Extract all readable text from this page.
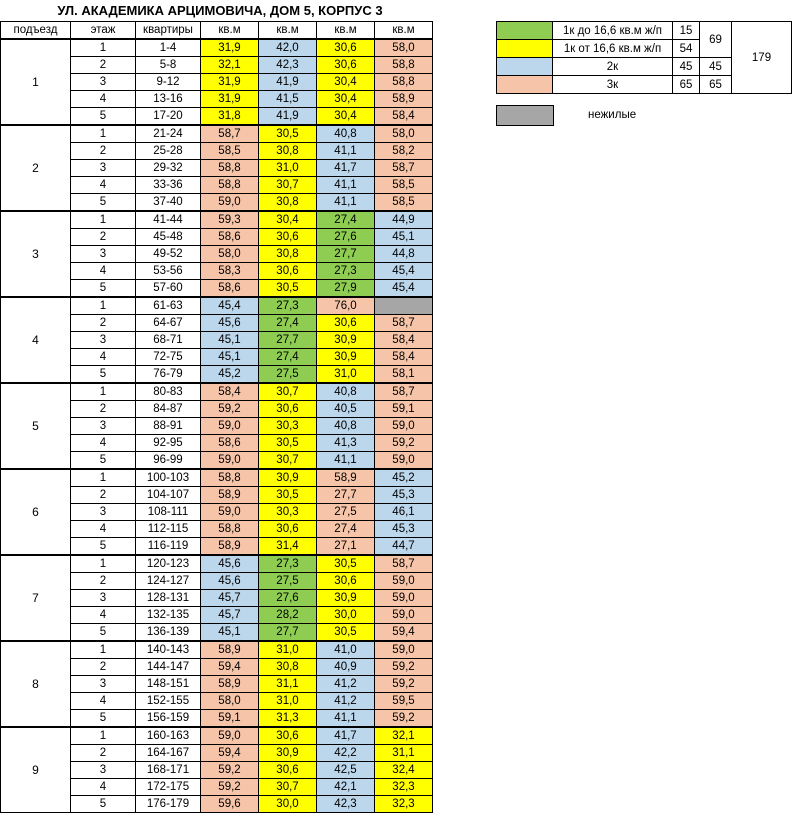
УЛ. АКАДЕМИКА АРЦИМОВИЧА, ДОМ 5, КОРПУС 3
подъезд	этаж	квартиры	кв.м	кв.м	кв.м	кв.м
1	1	1-4	31,9	42,0	30,6	58,0
	2	5-8	32,1	42,3	30,6	58,8
	3	9-12	31,9	41,9	30,4	58,8
	4	13-16	31,9	41,5	30,4	58,9
	5	17-20	31,8	41,9	30,4	58,4
2	1	21-24	58,7	30,5	40,8	58,0
	2	25-28	58,5	30,8	41,1	58,2
	3	29-32	58,8	31,0	41,7	58,7
	4	33-36	58,8	30,7	41,1	58,5
	5	37-40	59,0	30,8	41,1	58,5
3	1	41-44	59,3	30,4	27,4	44,9
	2	45-48	58,6	30,6	27,6	45,1
	3	49-52	58,0	30,8	27,7	44,8
	4	53-56	58,3	30,6	27,3	45,4
	5	57-60	58,6	30,5	27,9	45,4
4	1	61-63	45,4	27,3	76,0	
	2	64-67	45,6	27,4	30,6	58,7
	3	68-71	45,1	27,7	30,9	58,4
	4	72-75	45,1	27,4	30,9	58,4
	5	76-79	45,2	27,5	31,0	58,1
5	1	80-83	58,4	30,7	40,8	58,7
	2	84-87	59,2	30,6	40,5	59,1
	3	88-91	59,0	30,3	40,8	59,0
	4	92-95	58,6	30,5	41,3	59,2
	5	96-99	59,0	30,7	41,1	59,0
6	1	100-103	58,8	30,9	58,9	45,2
	2	104-107	58,9	30,5	27,7	45,3
	3	108-111	59,0	30,3	27,5	46,1
	4	112-115	58,8	30,6	27,4	45,3
	5	116-119	58,9	31,4	27,1	44,7
7	1	120-123	45,6	27,3	30,5	58,7
	2	124-127	45,6	27,5	30,6	59,0
	3	128-131	45,7	27,6	30,9	59,0
	4	132-135	45,7	28,2	30,0	59,0
	5	136-139	45,1	27,7	30,5	59,4
8	1	140-143	58,9	31,0	41,0	59,0
	2	144-147	59,4	30,8	40,9	59,2
	3	148-151	58,9	31,1	41,2	59,2
	4	152-155	58,0	31,0	41,2	59,5
	5	156-159	59,1	31,3	41,1	59,2
9	1	160-163	59,0	30,6	41,7	32,1
	2	164-167	59,4	30,9	42,2	31,1
	3	168-171	59,2	30,6	42,5	32,4
	4	172-175	59,2	30,7	42,1	32,3
	5	176-179	59,6	30,0	42,3	32,3
	1к до 16,6 кв.м ж/п	15	69	179
	1к от 16,6 кв.м ж/п	54		
	2к	45	45	
	3к	65	65	
нежилые
